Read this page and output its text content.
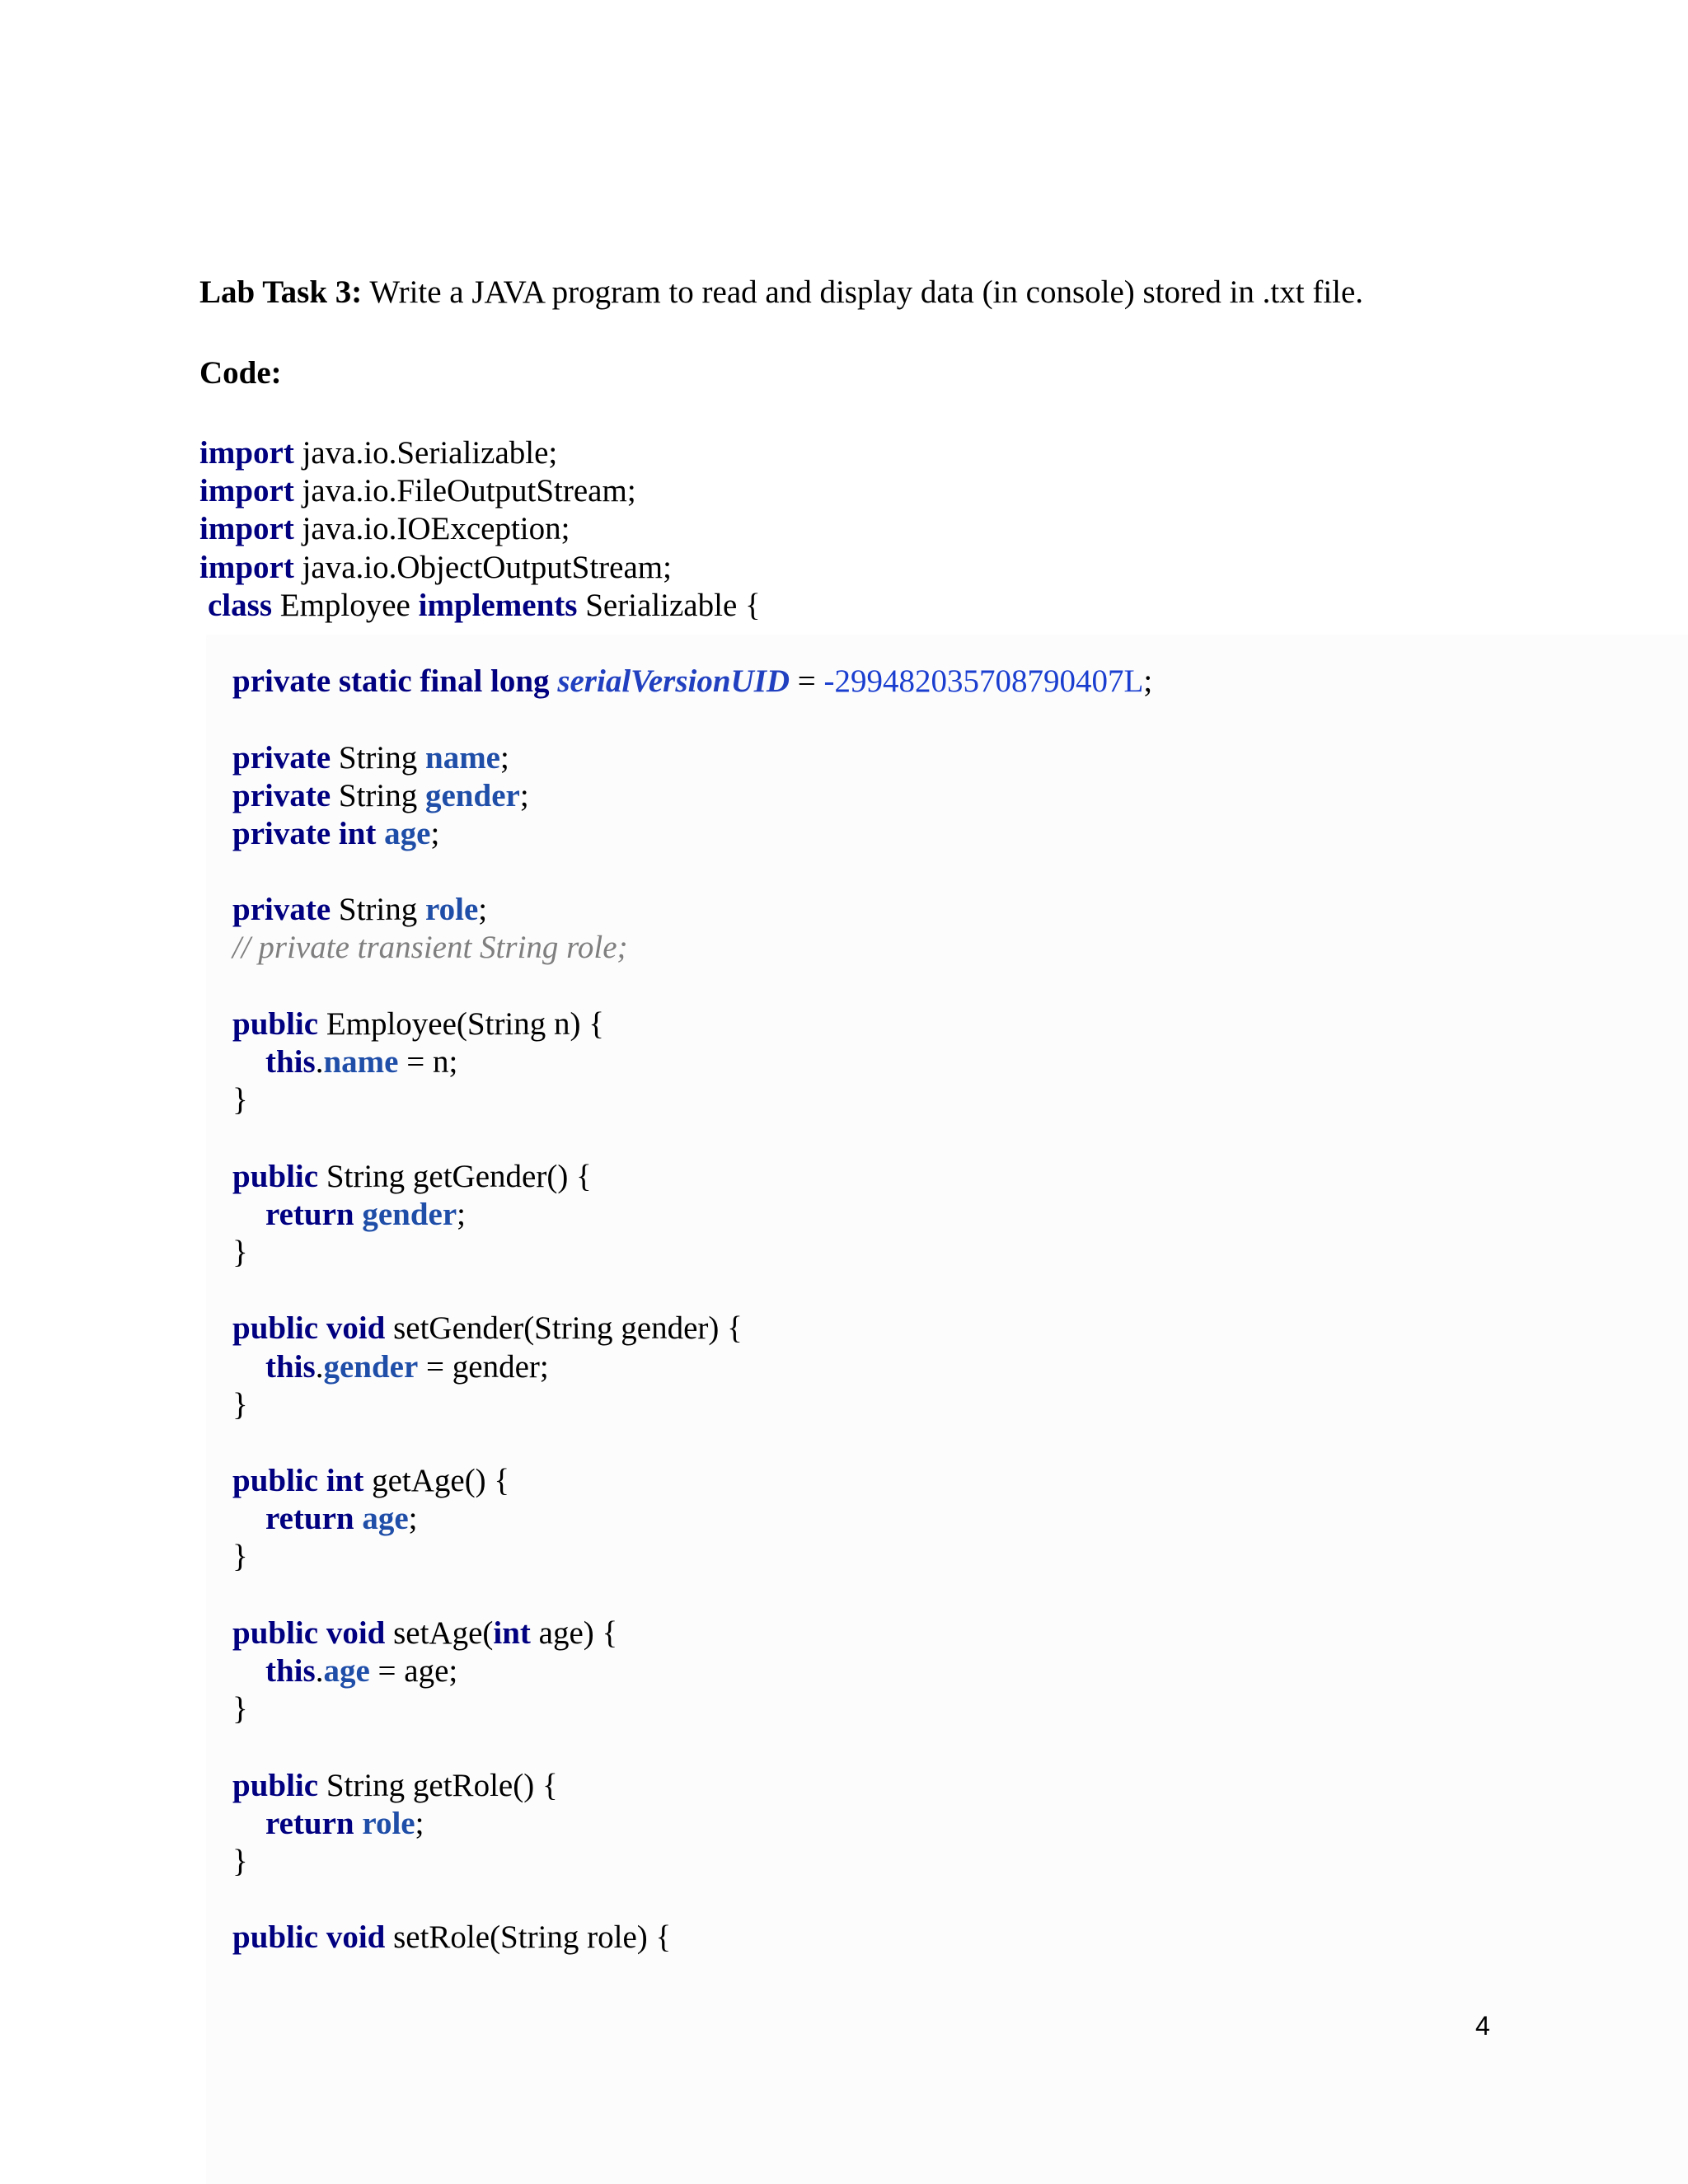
Lab Task 3: Write a JAVA program to read and display data (in console) stored in .txt file.
Code:
import java.io.Serializable;
import java.io.FileOutputStream;
import java.io.IOException;
import java.io.ObjectOutputStream;
class Employee implements Serializable {
private static final long serialVersionUID = -299482035708790407L;
private String name;
private String gender;
private int age;
private String role;
// private transient String role;
public Employee(String n) {
this.name = n;
}
public String getGender() {
return gender;
}
public void setGender(String gender) {
this.gender = gender;
}
public int getAge() {
return age;
}
public void setAge(int age) {
this.age = age;
}
public String getRole() {
return role;
}
public void setRole(String role) {
4
